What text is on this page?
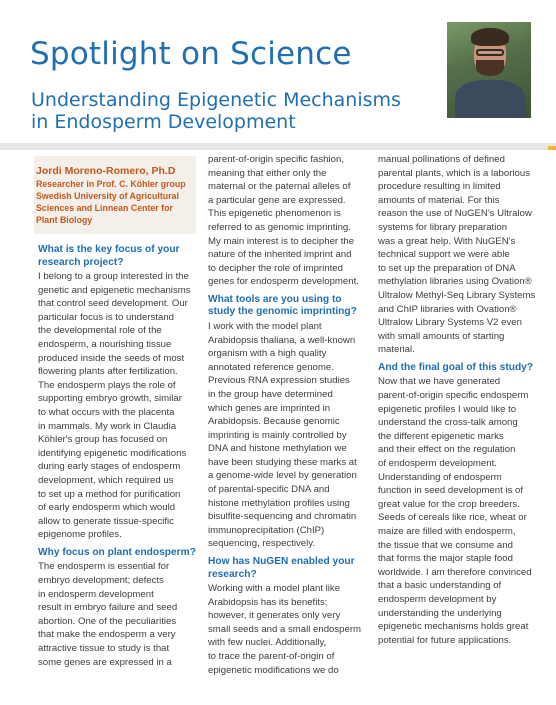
Spotlight on Science
Understanding Epigenetic Mechanisms
in Endosperm Development
Jordi Moreno-Romero, Ph.D
Researcher in Prof. C. Köhler group
Swedish University of Agricultural
Sciences and Linnean Center for
Plant Biology
What is the key focus of your
research project?
I belong to a group interested in the
genetic and epigenetic mechanisms
that control seed development. Our
particular focus is to understand
the developmental role of the
endosperm, a nourishing tissue
produced inside the seeds of most
flowering plants after fertilization.
The endosperm plays the role of
supporting embryo growth, similar
to what occurs with the placenta
in mammals. My work in Claudia
Köhler's group has focused on
identifying epigenetic modifications
during early stages of endosperm
development, which required us
to set up a method for purification
of early endosperm which would
allow to generate tissue-specific
epigenome profiles.
Why focus on plant endosperm?
The endosperm is essential for
embryo development; defects
in endosperm development
result in embryo failure and seed
abortion. One of the peculiarities
that make the endosperm a very
attractive tissue to study is that
some genes are expressed in a
parent-of-origin specific fashion,
meaning that either only the
maternal or the paternal alleles of
a particular gene are expressed.
This epigenetic phenomenon is
referred to as genomic imprinting.
My main interest is to decipher the
nature of the inherited imprint and
to decipher the role of imprinted
genes for endosperm development.
What tools are you using to
study the genomic imprinting?
I work with the model plant
Arabidopsis thaliana, a well-known
organism with a high quality
annotated reference genome.
Previous RNA expression studies
in the group have determined
which genes are imprinted in
Arabidopsis. Because genomic
imprinting is mainly controlled by
DNA and histone methylation we
have been studying these marks at
a genome-wide level by generation
of parental-specific DNA and
histone methylation profiles using
bisulfite-sequencing and chromatin
immunoprecipitation (ChIP)
sequencing, respectively.
How has NuGEN enabled your
research?
Working with a model plant like
Arabidopsis has its benefits;
however, it generates only very
small seeds and a small endosperm
with few nuclei. Additionally,
to trace the parent-of-origin of
epigenetic modifications we do
manual pollinations of defined
parental plants, which is a laborious
procedure resulting in limited
amounts of material. For this
reason the use of NuGEN's Ultralow
systems for library preparation
was a great help. With NuGEN's
technical support we were able
to set up the preparation of DNA
methylation libraries using Ovation®
Ultralow Methyl-Seq Library Systems
and ChIP libraries with Ovation®
Ultralow Library Systems V2 even
with small amounts of starting
material.
And the final goal of this study?
Now that we have generated
parent-of-origin specific endosperm
epigenetic profiles I would like to
understand the cross-talk among
the different epigenetic marks
and their effect on the regulation
of endosperm development.
Understanding of endosperm
function in seed development is of
great value for the crop breeders.
Seeds of cereals like rice, wheat or
maize are filled with endosperm,
the tissue that we consume and
that forms the major staple food
worldwide. I am therefore convinced
that a basic understanding of
endosperm development by
understanding the underlying
epigenetic mechanisms holds great
potential for future applications.
